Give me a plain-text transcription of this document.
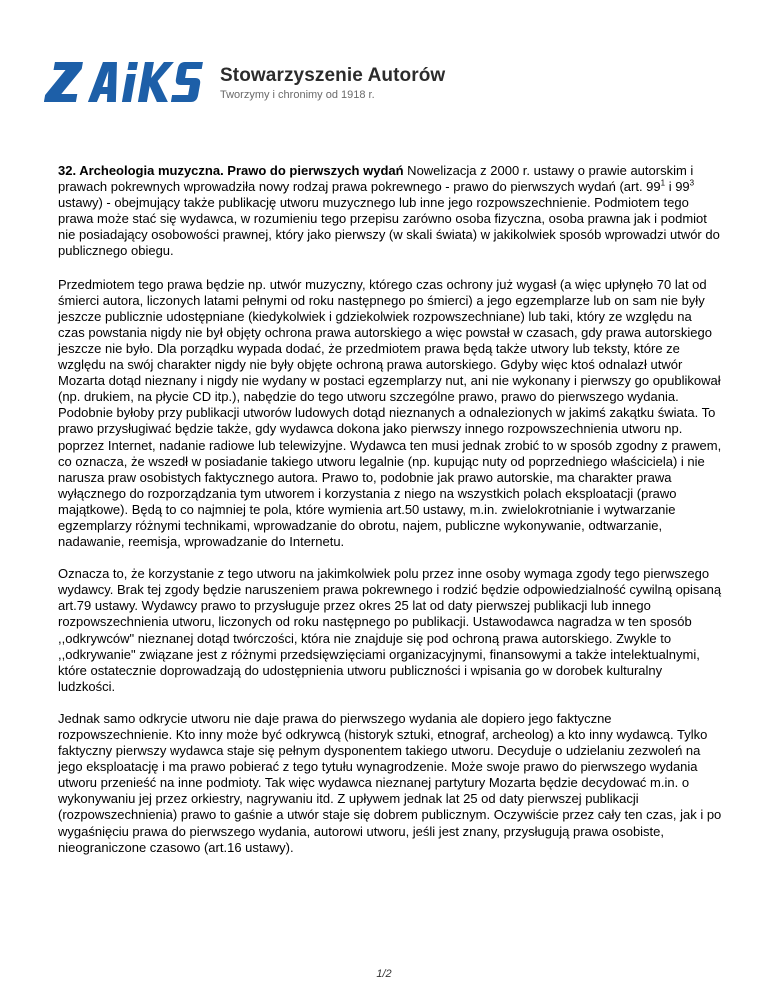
Stowarzyszenie Autorów
Tworzymy i chronimy od 1918 r.

32. Archeologia muzyczna. Prawo do pierwszych wydań Nowelizacja z 2000 r. ustawy o prawie autorskim i prawach pokrewnych wprowadziła nowy rodzaj prawa pokrewnego - prawo do pierwszych wydań (art. $99^1$ i $99^3$ ustawy) - obejmujący także publikację utworu muzycznego lub inne jego rozpowszechnienie. Podmiotem tego prawa może stać się wydawca, w rozumieniu tego przepisu zarówno osoba fizyczna, osoba prawna jak i podmiot nie posiadający osobowości prawnej, który jako pierwszy (w skali świata) w jakikolwiek sposób wprowadzi utwór do publicznego obiegu.

Przedmiotem tego prawa będzie np. utwór muzyczny, którego czas ochrony już wygasł (a więc upłynęło 70 lat od śmierci autora, liczonych latami pełnymi od roku następnego po śmierci) a jego egzemplarze lub on sam nie były jeszcze publicznie udostępniane (kiedykolwiek i gdziekolwiek rozpowszechniane) lub taki, który ze względu na czas powstania nigdy nie był objęty ochrona prawa autorskiego a więc powstał w czasach, gdy prawa autorskiego jeszcze nie było. Dla porządku wypada dodać, że przedmiotem prawa będą także utwory lub teksty, które ze względu na swój charakter nigdy nie były objęte ochroną prawa autorskiego. Gdyby więc ktoś odnalazł utwór Mozarta dotąd nieznany i nigdy nie wydany w postaci egzemplarzy nut, ani nie wykonany i pierwszy go opublikował (np. drukiem, na płycie CD itp.), nabędzie do tego utworu szczególne prawo, prawo do pierwszego wydania. Podobnie byłoby przy publikacji utworów ludowych dotąd nieznanych a odnalezionych w jakimś zakątku świata. To prawo przysługiwać będzie także, gdy wydawca dokona jako pierwszy innego rozpowszechnienia utworu np. poprzez Internet, nadanie radiowe lub telewizyjne. Wydawca ten musi jednak zrobić to w sposób zgodny z prawem, co oznacza, że wszedł w posiadanie takiego utworu legalnie (np. kupując nuty od poprzedniego właściciela) i nie narusza praw osobistych faktycznego autora. Prawo to, podobnie jak prawo autorskie, ma charakter prawa wyłącznego do rozporządzania tym utworem i korzystania z niego na wszystkich polach eksploatacji (prawo majątkowe). Będą to co najmniej te pola, które wymienia art.50 ustawy, m.in. zwielokrotnianie i wytwarzanie egzemplarzy różnymi technikami, wprowadzanie do obrotu, najem, publiczne wykonywanie, odtwarzanie, nadawanie, reemisja, wprowadzanie do Internetu.

Oznacza to, że korzystanie z tego utworu na jakimkolwiek polu przez inne osoby wymaga zgody tego pierwszego wydawcy. Brak tej zgody będzie naruszeniem prawa pokrewnego i rodzić będzie odpowiedzialność cywilną opisaną art.79 ustawy. Wydawcy prawo to przysługuje przez okres 25 lat od daty pierwszej publikacji lub innego rozpowszechnienia utworu, liczonych od roku następnego po publikacji. Ustawodawca nagradza w ten sposób ,,odkrywców" nieznanej dotąd twórczości, która nie znajduje się pod ochroną prawa autorskiego. Zwykle to ,,odkrywanie" związane jest z różnymi przedsięwzięciami organizacyjnymi, finansowymi a także intelektualnymi, które ostatecznie doprowadzają do udostępnienia utworu publiczności i wpisania go w dorobek kulturalny ludzkości.

Jednak samo odkrycie utworu nie daje prawa do pierwszego wydania ale dopiero jego faktyczne rozpowszechnienie. Kto inny może być odkrywcą (historyk sztuki, etnograf, archeolog) a kto inny wydawcą. Tylko faktyczny pierwszy wydawca staje się pełnym dysponentem takiego utworu. Decyduje o udzielaniu zezwoleń na jego eksploatację i ma prawo pobierać z tego tytułu wynagrodzenie. Może swoje prawo do pierwszego wydania utworu przenieść na inne podmioty. Tak więc wydawca nieznanej partytury Mozarta będzie decydować m.in. o wykonywaniu jej przez orkiestry, nagrywaniu itd. Z upływem jednak lat 25 od daty pierwszej publikacji (rozpowszechnienia) prawo to gaśnie a utwór staje się dobrem publicznym. Oczywiście przez cały ten czas, jak i po wygaśnięciu prawa do pierwszego wydania, autorowi utworu, jeśli jest znany, przysługują prawa osobiste, nieograniczone czasowo (art.16 ustawy).

1/2
